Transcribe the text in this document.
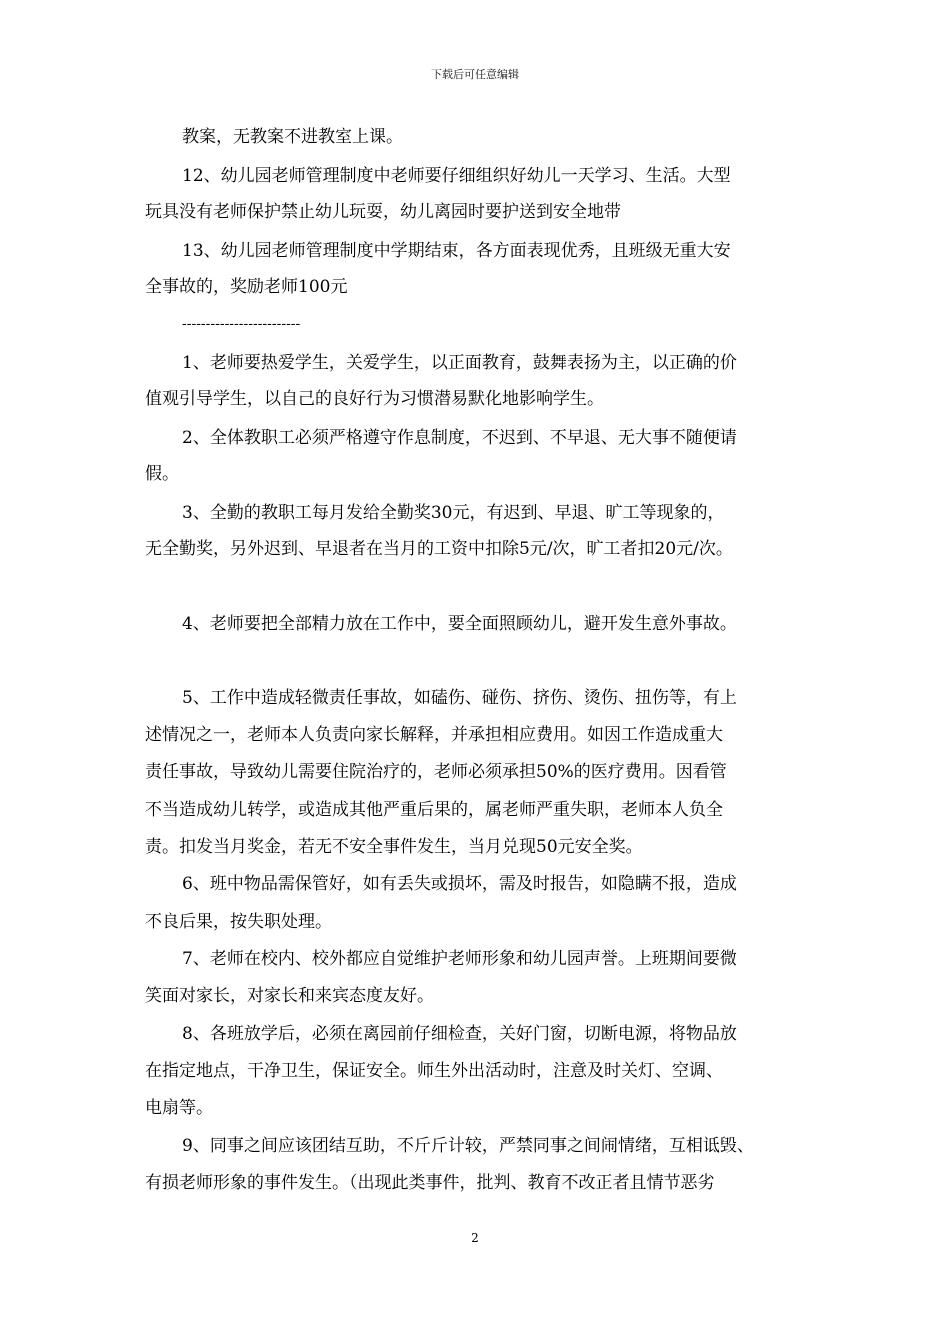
下载后可任意编辑
教案，无教案不进教室上课。
12、幼儿园老师管理制度中老师要仔细组织好幼儿一天学习、生活。大型
玩具没有老师保护禁止幼儿玩耍，幼儿离园时要护送到安全地带
13、幼儿园老师管理制度中学期结束，各方面表现优秀，且班级无重大安
全事故的，奖励老师100元
-------------------------
1、老师要热爱学生，关爱学生，以正面教育，鼓舞表扬为主，以正确的价
值观引导学生，以自己的良好行为习惯潜易默化地影响学生。
2、全体教职工必须严格遵守作息制度，不迟到、不早退、无大事不随便请
假。
3、全勤的教职工每月发给全勤奖30元，有迟到、早退、旷工等现象的，
无全勤奖，另外迟到、早退者在当月的工资中扣除5元/次，旷工者扣20元/次。
4、老师要把全部精力放在工作中，要全面照顾幼儿，避开发生意外事故。
5、工作中造成轻微责任事故，如磕伤、碰伤、挤伤、烫伤、扭伤等，有上
述情况之一，老师本人负责向家长解释，并承担相应费用。如因工作造成重大
责任事故，导致幼儿需要住院治疗的，老师必须承担50%的医疗费用。因看管
不当造成幼儿转学，或造成其他严重后果的，属老师严重失职，老师本人负全
责。扣发当月奖金，若无不安全事件发生，当月兑现50元安全奖。
6、班中物品需保管好，如有丢失或损坏，需及时报告，如隐瞒不报，造成
不良后果，按失职处理。
7、老师在校内、校外都应自觉维护老师形象和幼儿园声誉。上班期间要微
笑面对家长，对家长和来宾态度友好。
8、各班放学后，必须在离园前仔细检查，关好门窗，切断电源，将物品放
在指定地点，干净卫生，保证安全。师生外出活动时，注意及时关灯、空调、
电扇等。
9、同事之间应该团结互助，不斤斤计较，严禁同事之间闹情绪，互相诋毁、
有损老师形象的事件发生。（出现此类事件，批判、教育不改正者且情节恶劣
2
